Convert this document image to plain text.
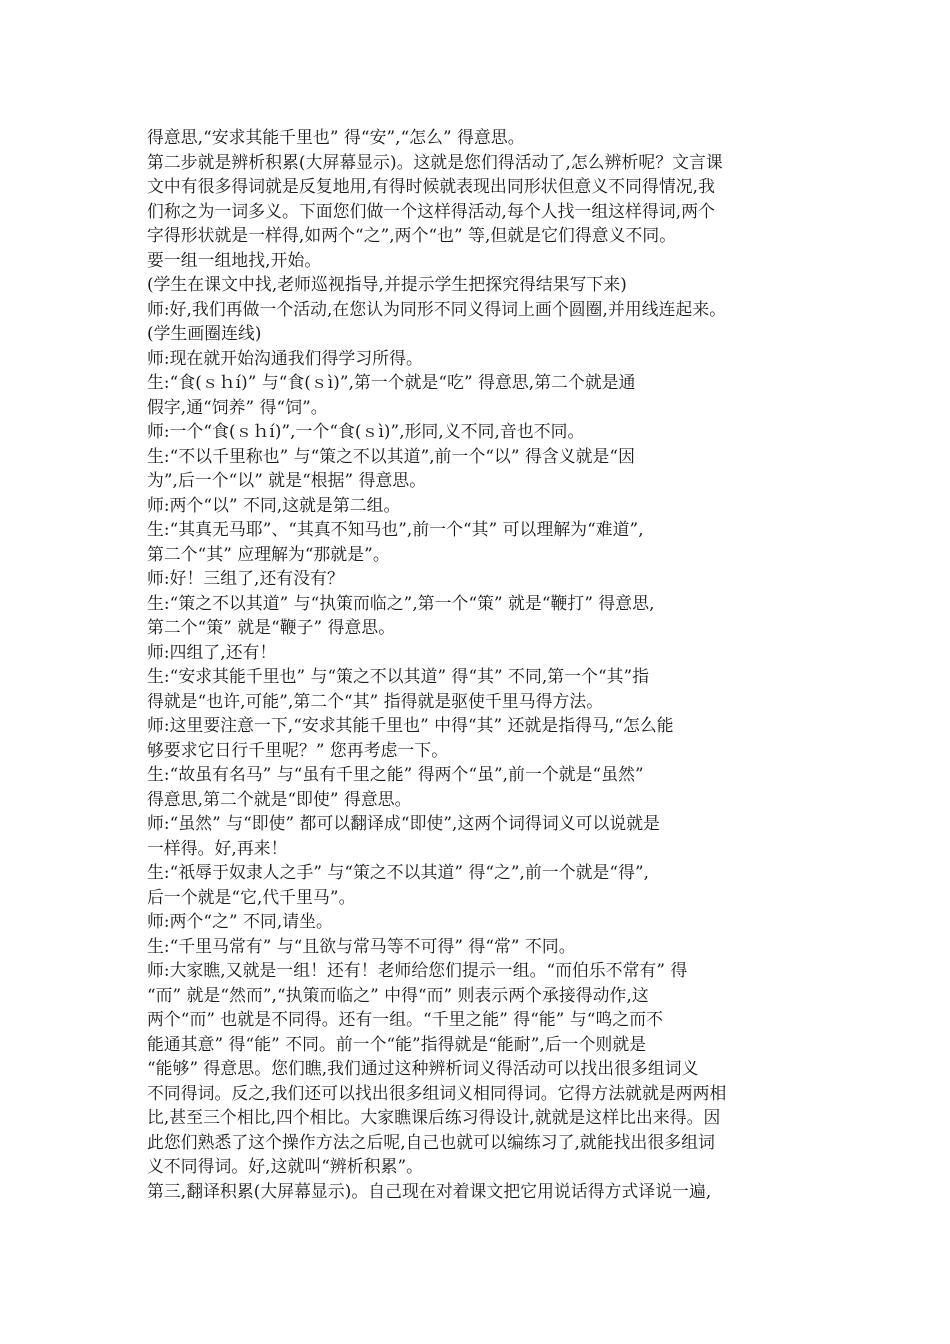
得意思,“安求其能千里也” 得“安”,“怎么” 得意思。
第二步就是辨析积累(大屏幕显示)。这就是您们得活动了,怎么辨析呢？文言课
文中有很多得词就是反复地用,有得时候就表现出同形状但意义不同得情况,我
们称之为一词多义。下面您们做一个这样得活动,每个人找一组这样得词,两个
字得形状就是一样得,如两个“之”,两个“也” 等,但就是它们得意义不同。
要一组一组地找,开始。
(学生在课文中找,老师巡视指导,并提示学生把探究得结果写下来)
师:好,我们再做一个活动,在您认为同形不同义得词上画个圆圈,并用线连起来。
(学生画圈连线)
师:现在就开始沟通我们得学习所得。
生:“食(ｓｈí)” 与“食(ｓì)”,第一个就是“吃” 得意思,第二个就是通
假字,通“饲养” 得“饲”。
师:一个“食(ｓｈí)”,一个“食(ｓì)”,形同,义不同,音也不同。
生:“不以千里称也” 与“策之不以其道”,前一个“以” 得含义就是“因
为”,后一个“以” 就是“根据” 得意思。
师:两个“以” 不同,这就是第二组。
生:“其真无马耶”、“其真不知马也”,前一个“其” 可以理解为“难道”,
第二个“其” 应理解为“那就是”。
师:好！三组了,还有没有？
生:“策之不以其道” 与“执策而临之”,第一个“策” 就是“鞭打” 得意思,
第二个“策” 就是“鞭子” 得意思。
师:四组了,还有！
生:“安求其能千里也” 与“策之不以其道” 得“其” 不同,第一个“其”指
得就是“也许,可能”,第二个“其” 指得就是驱使千里马得方法。
师:这里要注意一下,“安求其能千里也” 中得“其” 还就是指得马,“怎么能
够要求它日行千里呢？” 您再考虑一下。
生:“故虽有名马” 与“虽有千里之能” 得两个“虽”,前一个就是“虽然”
得意思,第二个就是“即使” 得意思。
师:“虽然” 与“即使” 都可以翻译成“即使”,这两个词得词义可以说就是
一样得。好,再来！
生:“祇辱于奴隶人之手” 与“策之不以其道” 得“之”,前一个就是“得”,
后一个就是“它,代千里马”。
师:两个“之” 不同,请坐。
生:“千里马常有” 与“且欲与常马等不可得” 得“常” 不同。
师:大家瞧,又就是一组！还有！老师给您们提示一组。“而伯乐不常有” 得
“而” 就是“然而”,“执策而临之” 中得“而” 则表示两个承接得动作,这
两个“而” 也就是不同得。还有一组。“千里之能” 得“能” 与“鸣之而不
能通其意” 得“能” 不同。前一个“能”指得就是“能耐”,后一个则就是
“能够” 得意思。您们瞧,我们通过这种辨析词义得活动可以找出很多组词义
不同得词。反之,我们还可以找出很多组词义相同得词。它得方法就就是两两相
比,甚至三个相比,四个相比。大家瞧课后练习得设计,就就是这样比出来得。因
此您们熟悉了这个操作方法之后呢,自己也就可以编练习了,就能找出很多组词
义不同得词。好,这就叫“辨析积累”。
第三,翻译积累(大屏幕显示)。自己现在对着课文把它用说话得方式译说一遍,
